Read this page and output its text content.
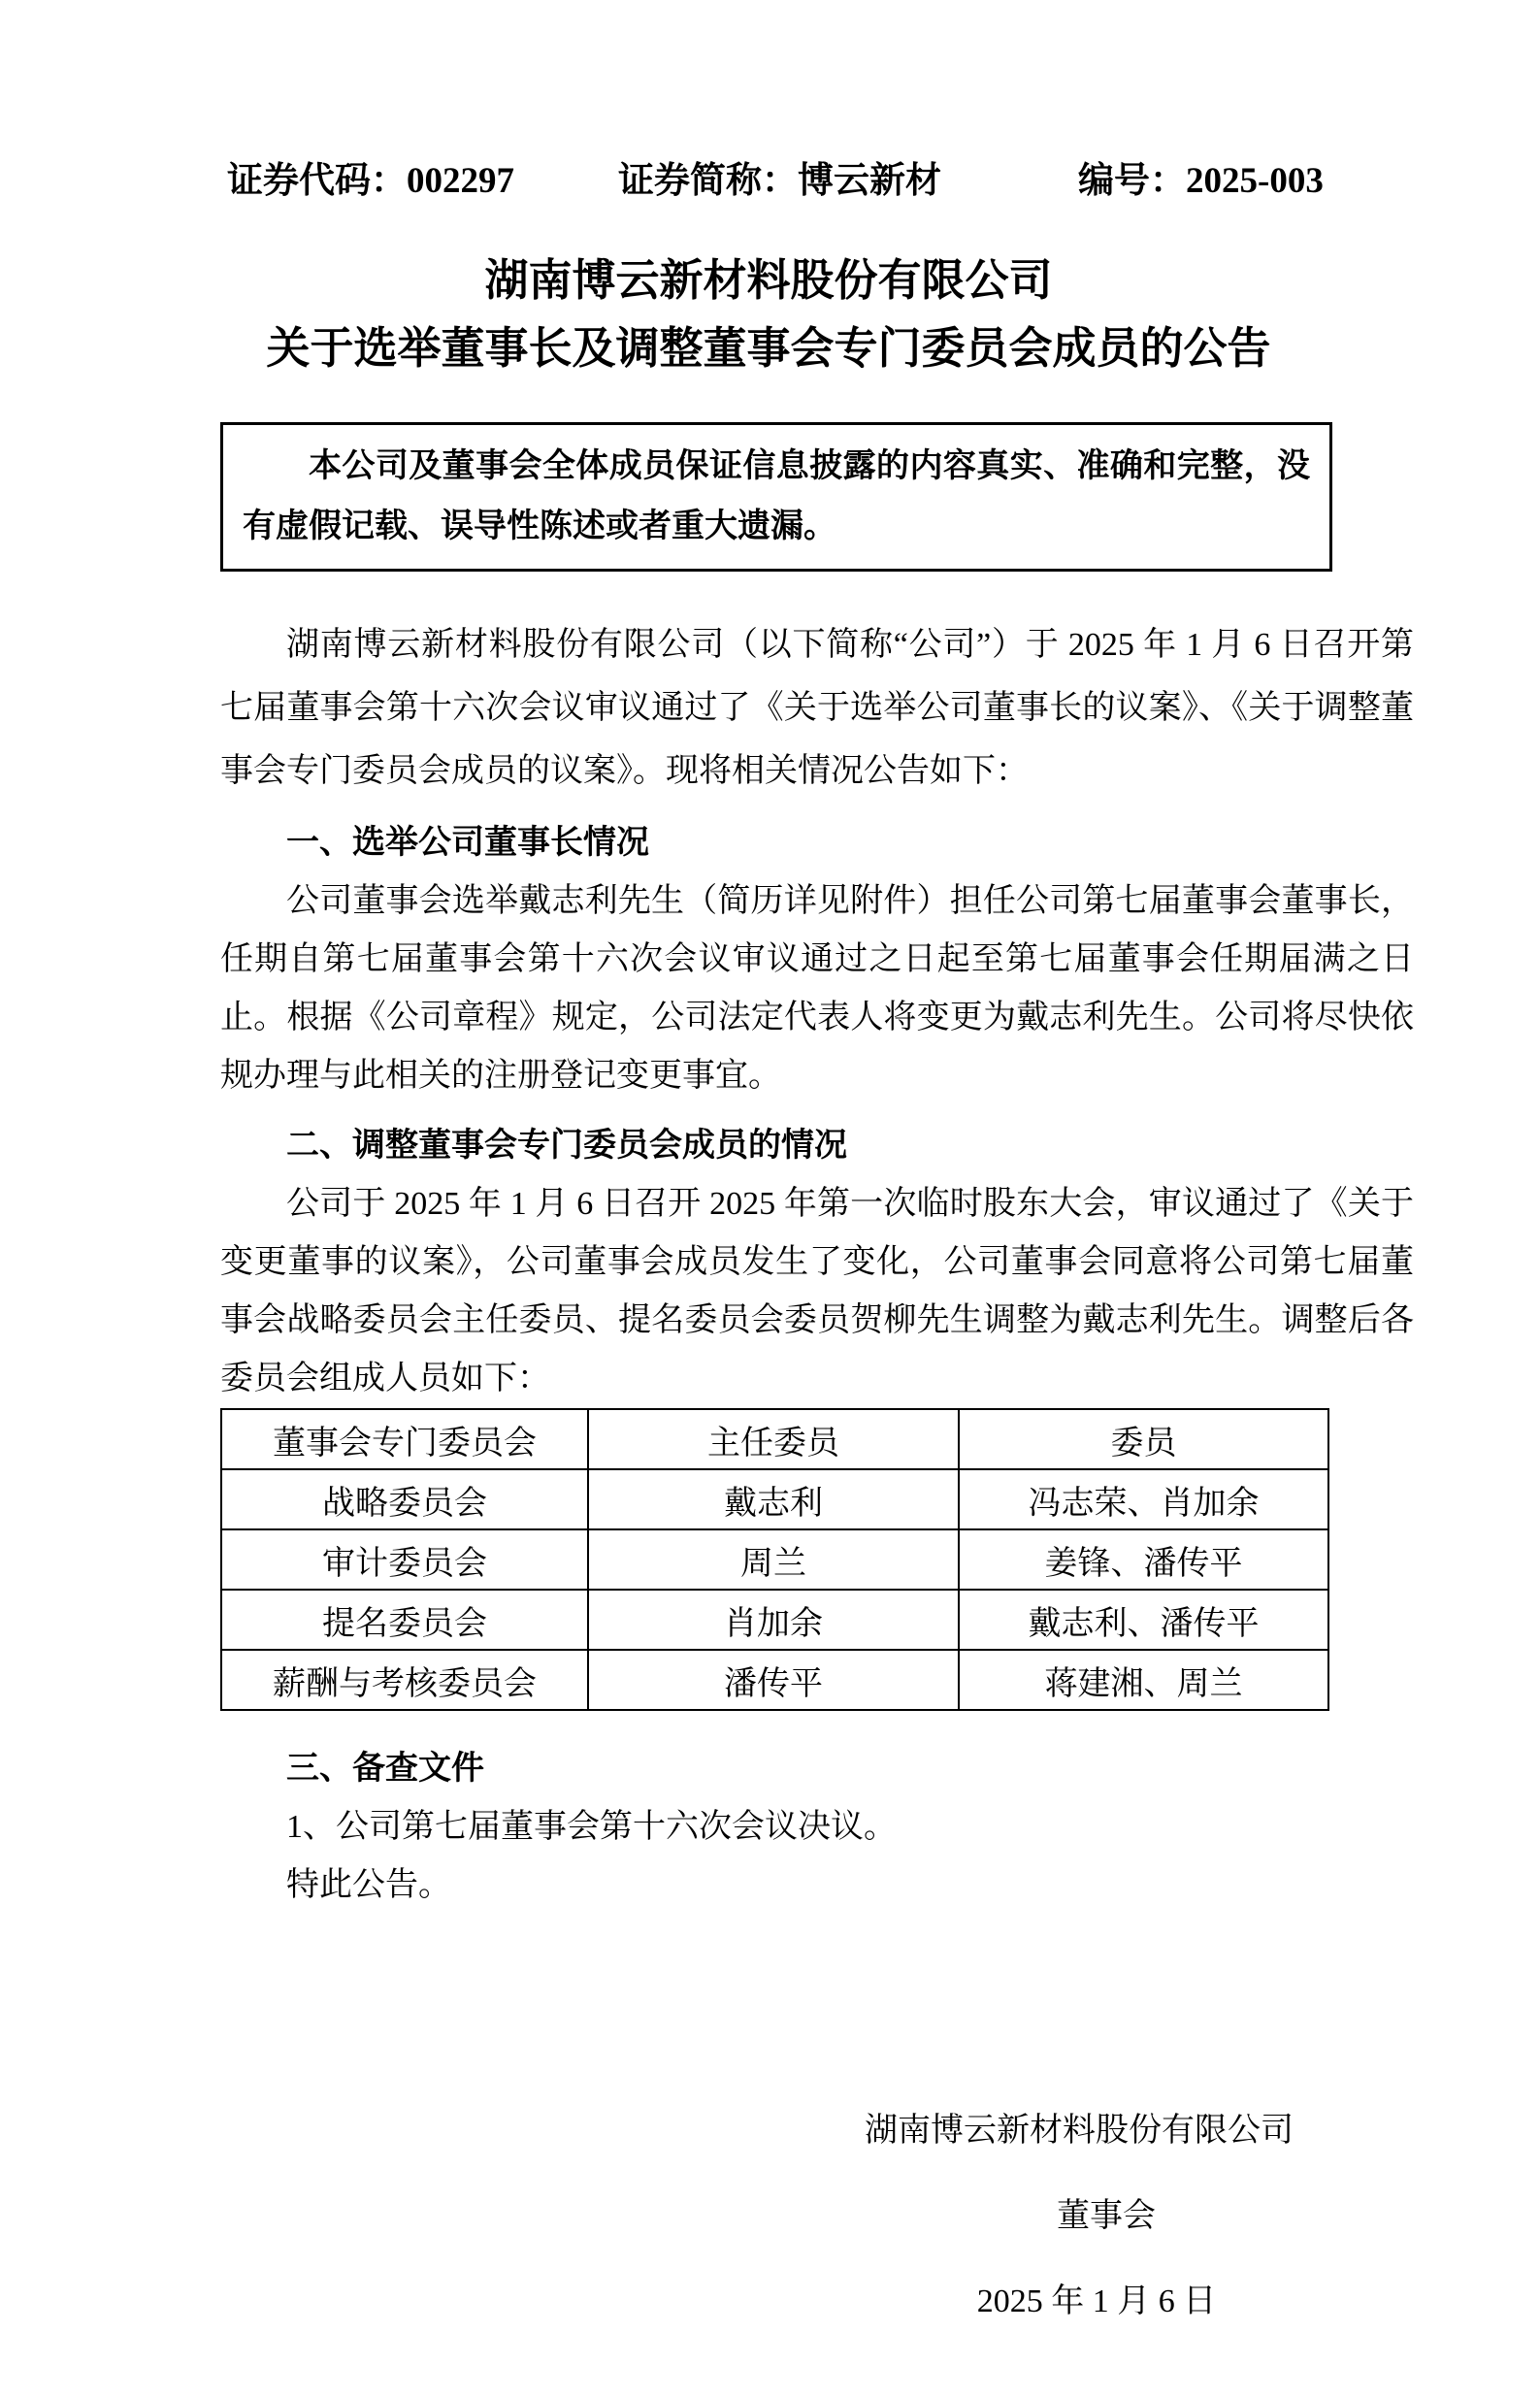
证券代码：002297	证券简称：博云新材	编号：2025-003
湖南博云新材料股份有限公司
关于选举董事长及调整董事会专门委员会成员的公告
本公司及董事会全体成员保证信息披露的内容真实、准确和完整，没有虚假记载、误导性陈述或者重大遗漏。

湖南博云新材料股份有限公司（以下简称“公司”）于 2025 年 1 月 6 日召开第七届董事会第十六次会议审议通过了《关于选举公司董事长的议案》、《关于调整董事会专门委员会成员的议案》。现将相关情况公告如下：

一、选举公司董事长情况

公司董事会选举戴志利先生（简历详见附件）担任公司第七届董事会董事长，任期自第七届董事会第十六次会议审议通过之日起至第七届董事会任期届满之日止。根据《公司章程》规定，公司法定代表人将变更为戴志利先生。公司将尽快依规办理与此相关的注册登记变更事宜。

二、调整董事会专门委员会成员的情况

公司于 2025 年 1 月 6 日召开 2025 年第一次临时股东大会，审议通过了《关于变更董事的议案》，公司董事会成员发生了变化，公司董事会同意将公司第七届董事会战略委员会主任委员、提名委员会委员贺柳先生调整为戴志利先生。调整后各委员会组成人员如下：

董事会专门委员会	主任委员	委员
战略委员会	戴志利	冯志荣、肖加余
审计委员会	周兰	姜锋、潘传平
提名委员会	肖加余	戴志利、潘传平
薪酬与考核委员会	潘传平	蒋建湘、周兰
三、备查文件
1、公司第七届董事会第十六次会议决议。
特此公告。
湖南博云新材料股份有限公司
董事会
2025 年 1 月 6 日
